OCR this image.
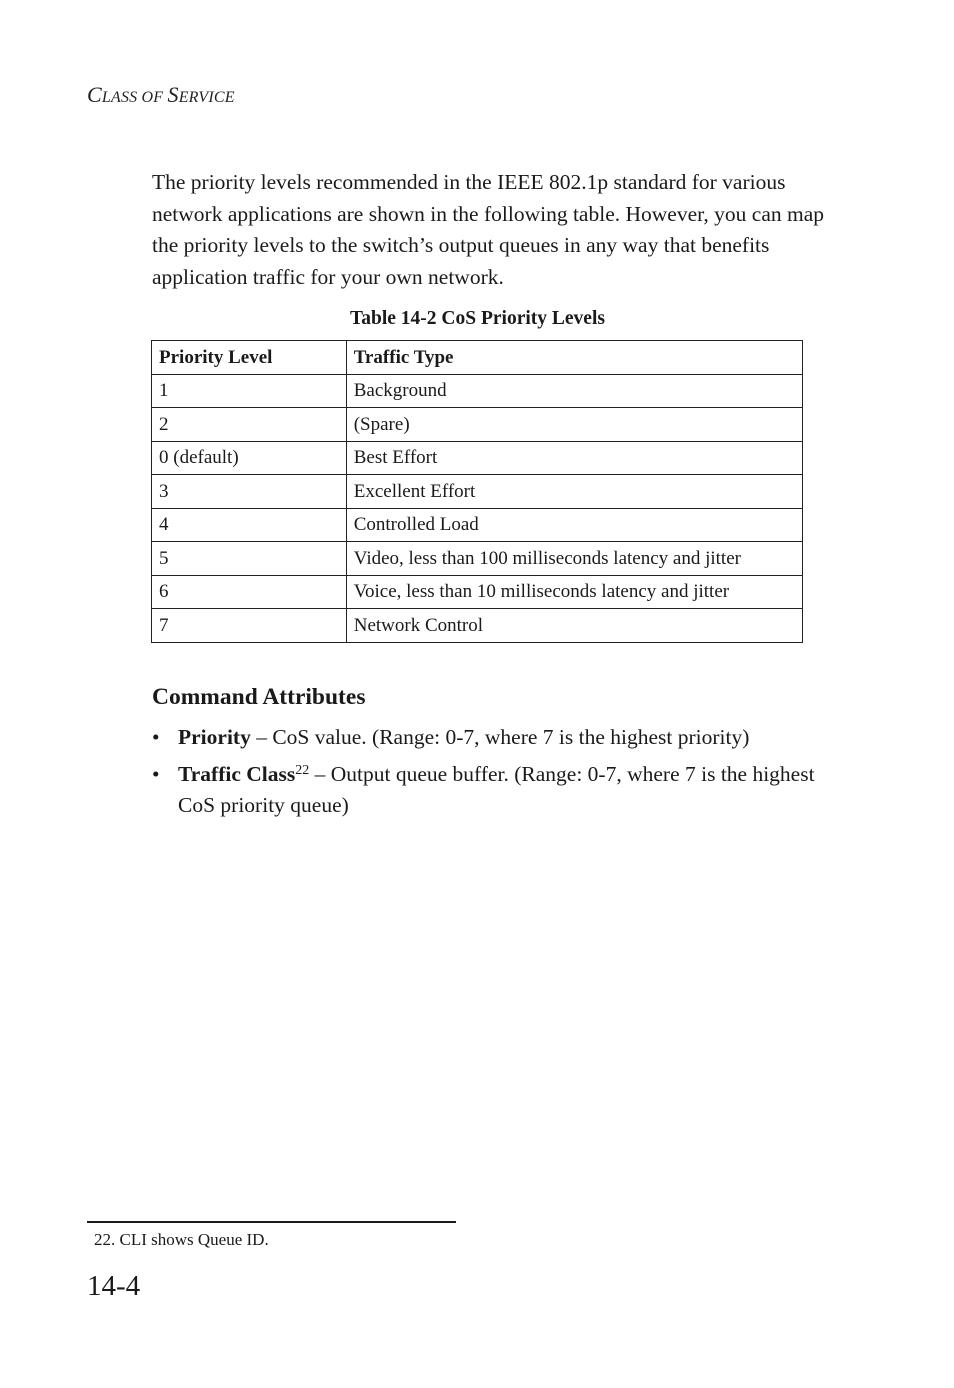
CLASS OF SERVICE

The priority levels recommended in the IEEE 802.1p standard for various network applications are shown in the following table. However, you can map the priority levels to the switch’s output queues in any way that benefits application traffic for your own network.

Table 14-2 CoS Priority Levels

Priority Level	Traffic Type
1	Background
2	(Spare)
0 (default)	Best Effort
3	Excellent Effort
4	Controlled Load
5	Video, less than 100 milliseconds latency and jitter
6	Voice, less than 10 milliseconds latency and jitter
7	Network Control
Command Attributes
• Priority – CoS value. (Range: 0-7, where 7 is the highest priority)
• Traffic Class$^{22}$ – Output queue buffer. (Range: 0-7, where 7 is the highest CoS priority queue)

22. CLI shows Queue ID.

14-4
